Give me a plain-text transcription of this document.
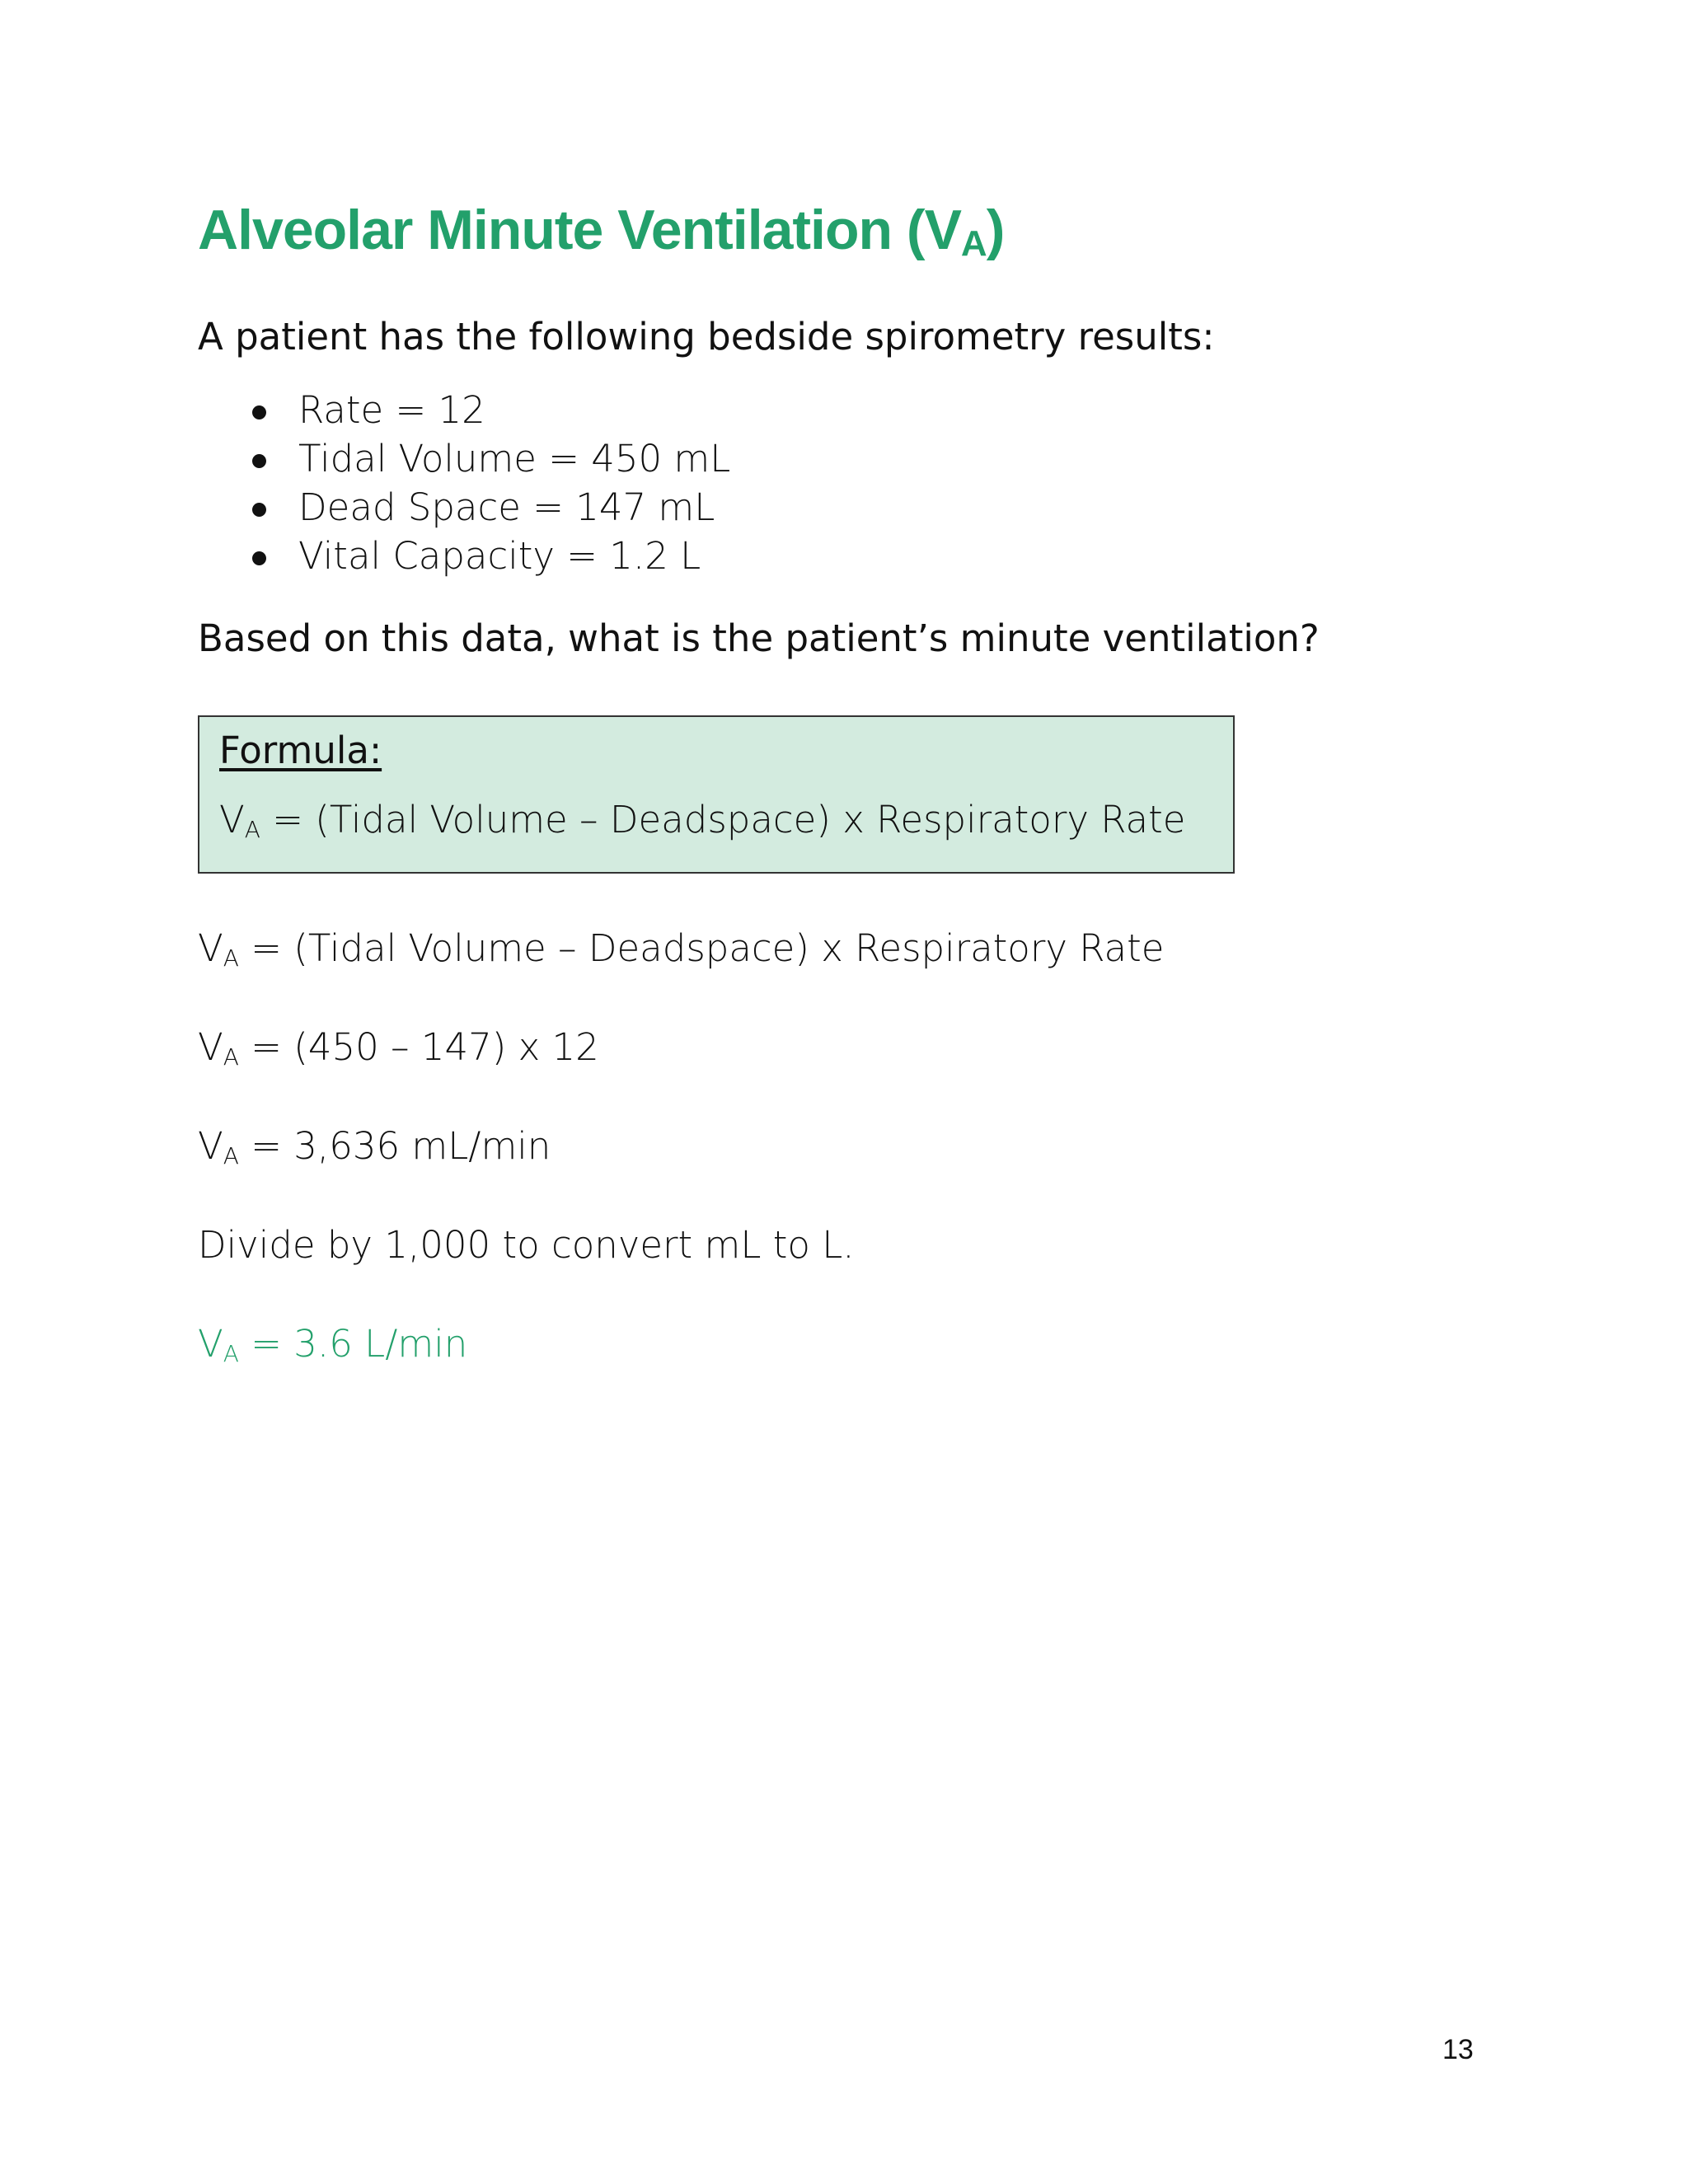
Alveolar Minute Ventilation (VA)

A patient has the following bedside spirometry results:

Rate = 12
Tidal Volume = 450 mL
Dead Space = 147 mL
Vital Capacity = 1.2 L

Based on this data, what is the patient’s minute ventilation?

Formula:
VA = (Tidal Volume – Deadspace) x Respiratory Rate

VA = (Tidal Volume – Deadspace) x Respiratory Rate

VA = (450 – 147) x 12

VA = 3,636 mL/min

Divide by 1,000 to convert mL to L.

VA = 3.6 L/min

13
